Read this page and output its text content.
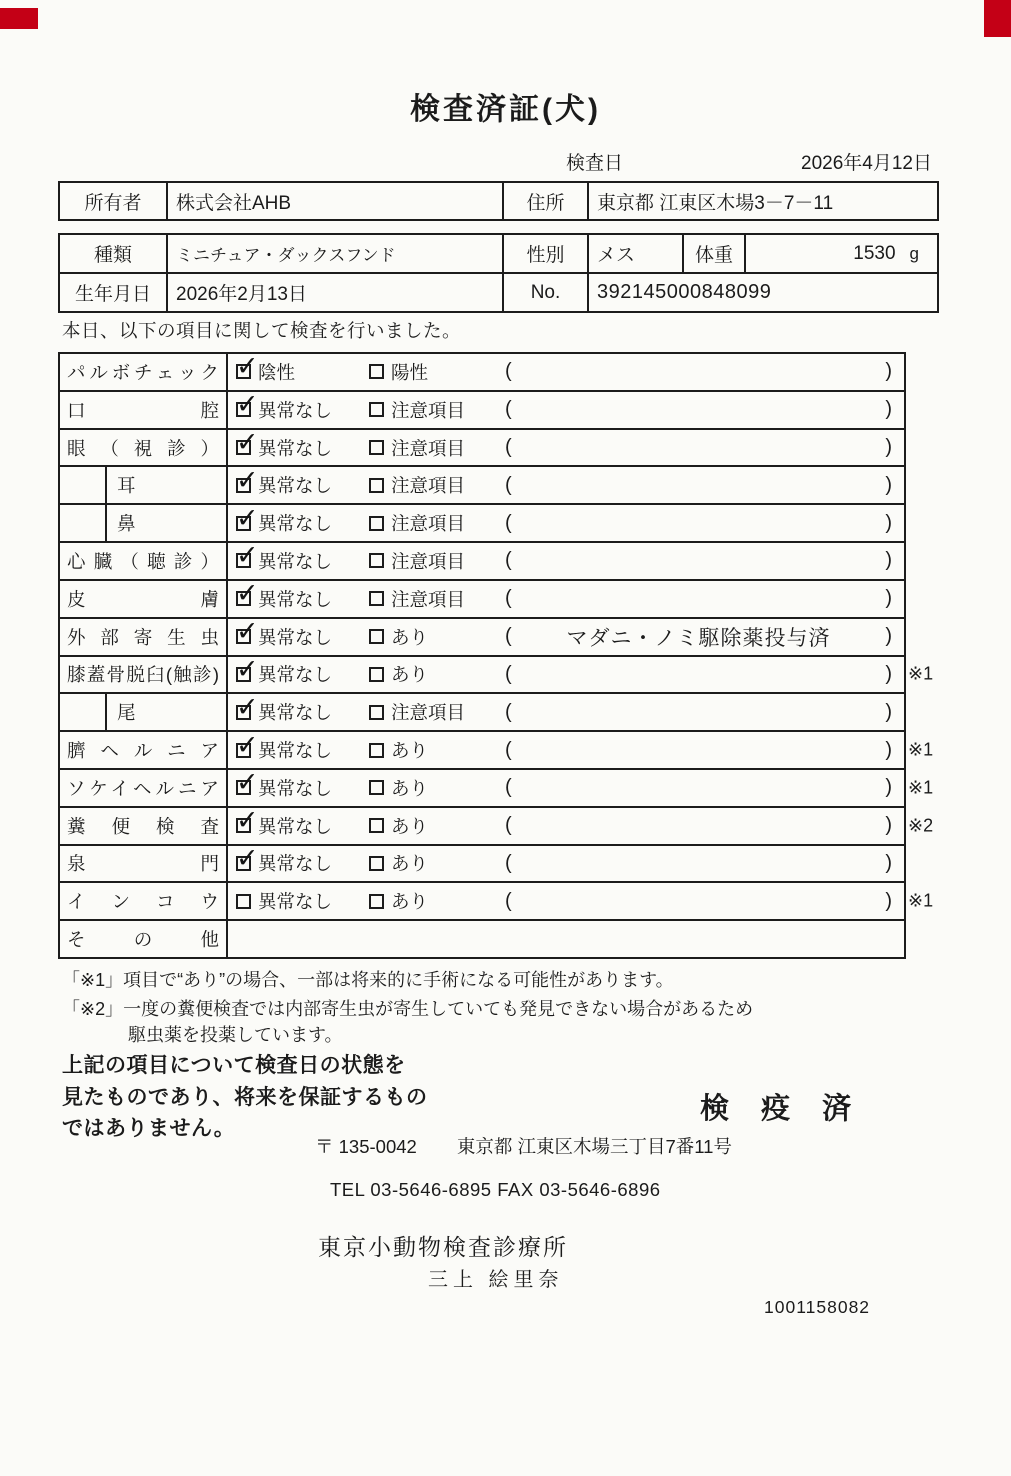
検査済証(犬)
検査日	2026年4月12日
所有者	株式会社AHB	住所	東京都 江東区木場3－7－11
種類	ミニチュア・ダックスフンド	性別	メス	体重	1530 g
生年月日	2026年2月13日	No.	392145000848099
本日、以下の項目に関して検査を行いました。
パルボチェック ✓ 陰性	陽性	(	)
口腔 ✓ 異常なし	注意項目 (	)
眼（視診） ✓ 異常なし	注意項目 (	)
耳 ✓	異常なし	注意項目 (	)
鼻 ✓	異常なし	注意項目 (	)
心臓（聴診） ✓ 異常なし	注意項目 (	)
皮膚 ✓ 異常なし	注意項目 (	)
外部寄生虫 ✓ 異常なし	あり	(	マダニ・ノミ駆除薬投与済	)
膝蓋骨脱臼(触診) ✓ 異常なし	あり	(	) ※1
尾 ✓	異常なし	注意項目 (	)
臍ヘルニア ✓ 異常なし	あり	(	) ※1
ソケイヘルニア ✓ 異常なし	あり	(	) ※1
糞便検査 ✓ 異常なし	あり	(	) ※2
泉門 ✓ 異常なし	あり	(	)
インコウ 異常なし	あり	(	) ※1
その他
「※1」項目で“あり”の場合、一部は将来的に手術になる可能性があります。
「※2」一度の糞便検査では内部寄生虫が寄生していても発見できない場合があるため
駆虫薬を投薬しています。
上記の項目について検査日の状態を
見たものであり、将来を保証するもの
ではありません。
検 疫 済
〒 135-0042 東京都 江東区木場三丁目7番11号
TEL 03-5646-6895 FAX 03-5646-6896
東京小動物検査診療所
三上 絵里奈
1001158082
